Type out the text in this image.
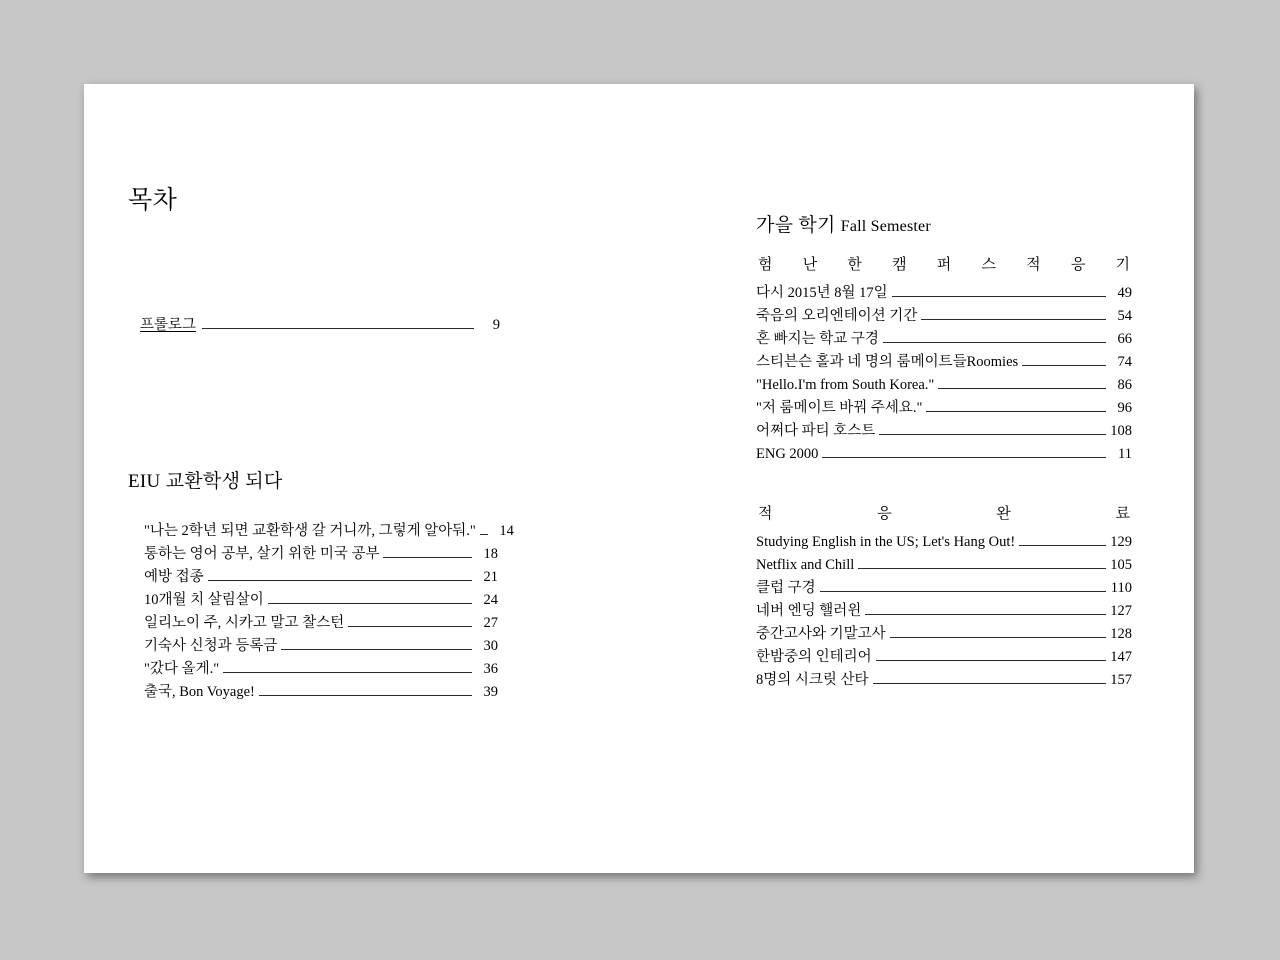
목차
프롤로그	9
EIU 교환학생 되다
"나는 2학년 되면 교환학생 갈 거니까, 그렇게 알아둬."	14
통하는 영어 공부, 살기 위한 미국 공부	18
예방 접종	21
10개월 치 살림살이	24
일리노이 주, 시카고 말고 찰스턴	27
기숙사 신청과 등록금	30
"갔다 올게."	36
출국, Bon Voyage!	39
가을 학기 Fall Semester
험 난 한 캠 퍼 스 적 응 기
다시 2015년 8월 17일	49
죽음의 오리엔테이션 기간	54
혼 빠지는 학교 구경	66
스티븐슨 홀과 네 명의 룸메이트들Roomies	74
"Hello.I'm from South Korea."	86
"저 룸메이트 바꿔 주세요."	96
어쩌다 파티 호스트	108
ENG 2000	11
적	응	완	료
Studying English in the US; Let's Hang Out!	129
Netflix and Chill	105
클럽 구경	110
네버 엔딩 핼러윈	127
중간고사와 기말고사	128
한밤중의 인테리어	147
8명의 시크릿 산타	157
